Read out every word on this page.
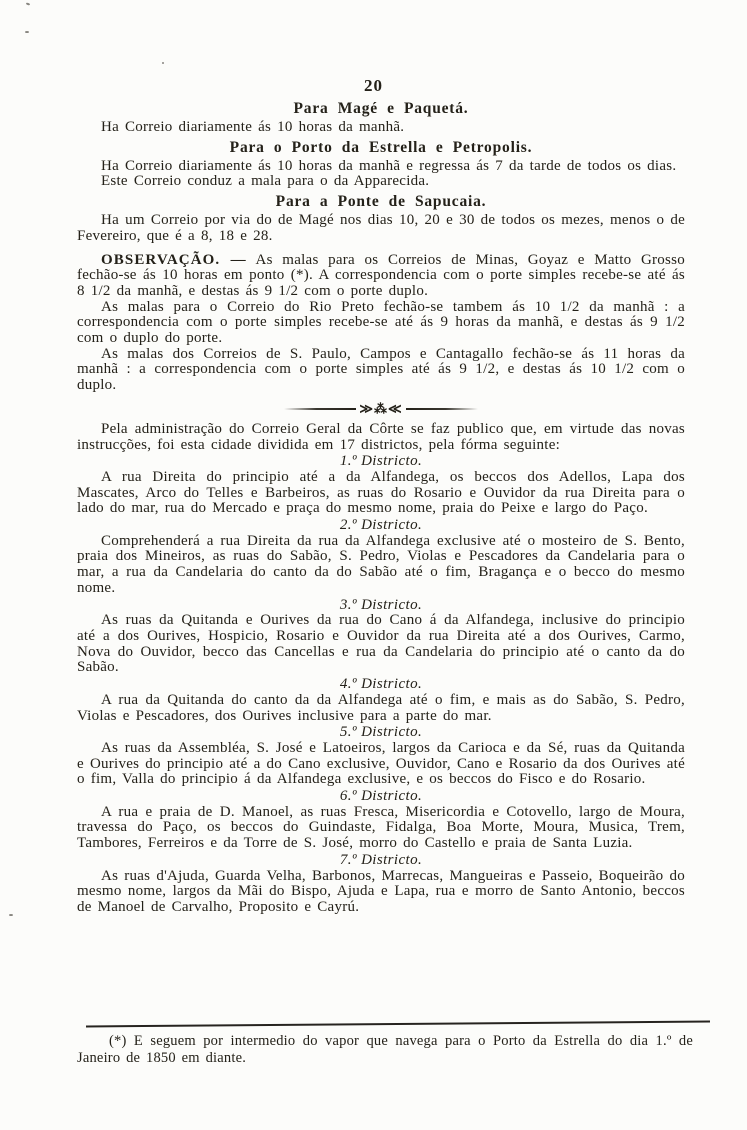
20
Para Magé e Paquetá.

Ha Correio diariamente ás 10 horas da manhã.

Para o Porto da Estrella e Petropolis.

Ha Correio diariamente ás 10 horas da manhã e regressa ás 7 da tarde de todos os dias.

Este Correio conduz a mala para o da Apparecida.

Para a Ponte de Sapucaia.

Ha um Correio por via do de Magé nos dias 10, 20 e 30 de todos os mezes, menos o de Fevereiro, que é a 8, 18 e 28.

OBSERVAÇÃO. — As malas para os Correios de Minas, Goyaz e Matto Grosso fechão-se ás 10 horas em ponto (*). A correspondencia com o porte simples recebe-se até ás 8 1/2 da manhã, e destas ás 9 1/2 com o porte duplo.

As malas para o Correio do Rio Preto fechão-se tambem ás 10 1/2 da manhã : a correspondencia com o porte simples recebe-se até ás 9 horas da manhã, e destas ás 9 1/2 com o duplo do porte.

As malas dos Correios de S. Paulo, Campos e Cantagallo fechão-se ás 11 horas da manhã : a correspondencia com o porte simples até ás 9 1/2, e destas ás 10 1/2 com o duplo.

≫⁂≪

Pela administração do Correio Geral da Côrte se faz publico que, em virtude das novas instrucções, foi esta cidade dividida em 17 districtos, pela fórma seguinte:

1.º Districto.

A rua Direita do principio até a da Alfandega, os beccos dos Adellos, Lapa dos Mascates, Arco do Telles e Barbeiros, as ruas do Rosario e Ouvidor da rua Direita para o lado do mar, rua do Mercado e praça do mesmo nome, praia do Peixe e largo do Paço.

2.º Districto.

Comprehenderá a rua Direita da rua da Alfandega exclusive até o mosteiro de S. Bento, praia dos Mineiros, as ruas do Sabão, S. Pedro, Violas e Pescadores da Candelaria para o mar, a rua da Candelaria do canto da do Sabão até o fim, Bragança e o becco do mesmo nome.

3.º Districto.

As ruas da Quitanda e Ourives da rua do Cano á da Alfandega, inclusive do principio até a dos Ourives, Hospicio, Rosario e Ouvidor da rua Direita até a dos Ourives, Carmo, Nova do Ouvidor, becco das Cancellas e rua da Candelaria do principio até o canto da do Sabão.

4.º Districto.

A rua da Quitanda do canto da da Alfandega até o fim, e mais as do Sabão, S. Pedro, Violas e Pescadores, dos Ourives inclusive para a parte do mar.

5.º Districto.

As ruas da Assembléa, S. José e Latoeiros, largos da Carioca e da Sé, ruas da Quitanda e Ourives do principio até a do Cano exclusive, Ouvidor, Cano e Rosario da dos Ourives até o fim, Valla do principio á da Alfandega exclusive, e os beccos do Fisco e do Rosario.

6.º Districto.

A rua e praia de D. Manoel, as ruas Fresca, Misericordia e Cotovello, largo de Moura, travessa do Paço, os beccos do Guindaste, Fidalga, Boa Morte, Moura, Musica, Trem, Tambores, Ferreiros e da Torre de S. José, morro do Castello e praia de Santa Luzia.

7.º Districto.

As ruas d'Ajuda, Guarda Velha, Barbonos, Marrecas, Mangueiras e Passeio, Boqueirão do mesmo nome, largos da Mãi do Bispo, Ajuda e Lapa, rua e morro de Santo Antonio, beccos de Manoel de Carvalho, Proposito e Cayrú.

(*) E seguem por intermedio do vapor que navega para o Porto da Estrella do dia 1.º de Janeiro de 1850 em diante.
